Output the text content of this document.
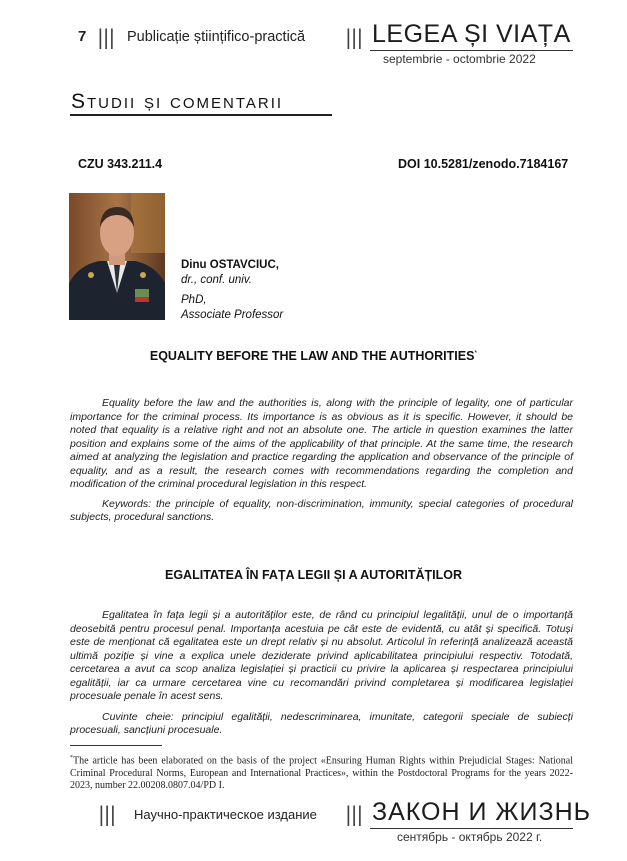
7 ||| Publicație științifico-practică ||| LEGEA ȘI VIAȚA
septembrie - octombrie 2022
Studii și comentarii
CZU 343.211.4	DOI 10.5281/zenodo.7184167
Dinu OSTAVCIUC,
dr., conf. univ.
PhD,
Associate Professor
EQUALITY BEFORE THE LAW AND THE AUTHORITIES*

Equality before the law and the authorities is, along with the principle of legality, one of particular importance for the criminal process. Its importance is as obvious as it is specific. However, it should be noted that equality is a relative right and not an absolute one. The article in question examines the latter position and explains some of the aims of the applicability of that principle. At the same time, the research aimed at analyzing the legislation and practice regarding the application and observance of the principle of equality, and as a result, the research comes with recommendations regarding the completion and modification of the criminal procedural legislation in this respect.

Keywords: the principle of equality, non-discrimination, immunity, special categories of procedural subjects, procedural sanctions.

EGALITATEA ÎN FAȚA LEGII ȘI A AUTORITĂȚILOR

Egalitatea în fața legii și a autorităților este, de rând cu principiul legalității, unul de o importanță deosebită pentru procesul penal. Importanța acestuia pe cât este de evidentă, cu atât și specifică. Totuși este de menționat că egalitatea este un drept relativ și nu absolut. Articolul în referință analizează această ultimă poziție și vine a explica unele deziderate privind aplicabilitatea principiului respectiv. Totodată, cercetarea a avut ca scop analiza legislației și practicii cu privire la aplicarea și respectarea principiului egalității, iar ca urmare cercetarea vine cu recomandări privind completarea și modificarea legislației procesuale penale în acest sens.

Cuvinte cheie: principiul egalității, nedescriminarea, imunitate, categorii speciale de subiecți procesuali, sancțiuni procesuale.

*The article has been elaborated on the basis of the project «Ensuring Human Rights within Prejudicial Stages: National Criminal Procedural Norms, European and International Practices», within the Postdoctoral Programs for the years 2022-2023, number 22.00208.0807.04/PD I.
||| Научно-практическое издание ||| ЗАКОН И ЖИЗНЬ
сентябрь - октябрь 2022 г.
